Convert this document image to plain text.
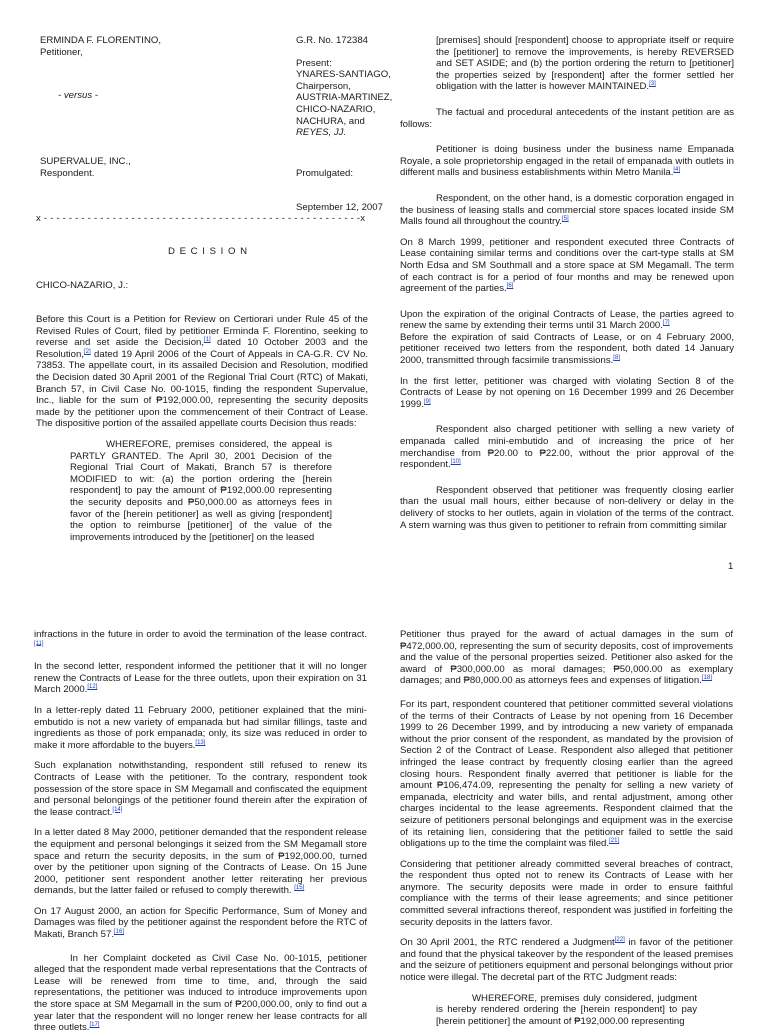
ERMINDA F. FLORENTINO,

Petitioner,

- versus -

SUPERVALUE, INC.,

Respondent.

G.R. No. 172384

Present:

YNARES-SANTIAGO,

Chairperson,

AUSTRIA-MARTINEZ,

CHICO-NAZARIO,

NACHURA, and

REYES, JJ.

Promulgated:
September 12, 2007
x - - - - - - - - - - - - - - - - - - - - - - - - - - - - - - - - - - - - - - - - - - - - - - - - - - -x
D E C I S I O N
CHICO-NAZARIO, J.:

Before this Court is a Petition for Review on Certiorari under Rule 45 of the Revised Rules of Court, filed by petitioner Erminda F. Florentino, seeking to reverse and set aside the Decision,[1] dated 10 October 2003 and the Resolution,[2] dated 19 April 2006 of the Court of Appeals in CA-G.R. CV No. 73853. The appellate court, in its assailed Decision and Resolution, modified the Decision dated 30 April 2001 of the Regional Trial Court (RTC) of Makati, Branch 57, in Civil Case No. 00-1015, finding the respondent Supervalue, Inc., liable for the sum of ₱192,000.00, representing the security deposits made by the petitioner upon the commencement of their Contract of Lease. The dispositive portion of the assailed appellate courts Decision thus reads:

WHEREFORE, premises considered, the appeal is PARTLY GRANTED. The April 30, 2001 Decision of the Regional Trial Court of Makati, Branch 57 is therefore MODIFIED to wit: (a) the portion ordering the [herein respondent] to pay the amount of ₱192,000.00 representing the security deposits and ₱50,000.00 as attorneys fees in favor of the [herein petitioner] as well as giving [respondent] the option to reimburse [petitioner] of the value of the improvements introduced by the [petitioner] on the leased

[premises] should [respondent] choose to appropriate itself or require the [petitioner] to remove the improvements, is hereby REVERSED and SET ASIDE; and (b) the portion ordering the return to [petitioner] the properties seized by [respondent] after the former settled her obligation with the latter is however MAINTAINED.[3]

The factual and procedural antecedents of the instant petition are as follows:

Petitioner is doing business under the business name Empanada Royale, a sole proprietorship engaged in the retail of empanada with outlets in different malls and business establishments within Metro Manila.[4]

Respondent, on the other hand, is a domestic corporation engaged in the business of leasing stalls and commercial store spaces located inside SM Malls found all throughout the country.[5]

On 8 March 1999, petitioner and respondent executed three Contracts of Lease containing similar terms and conditions over the cart-type stalls at SM North Edsa and SM Southmall and a store space at SM Megamall. The term of each contract is for a period of four months and may be renewed upon agreement of the parties.[6]

Upon the expiration of the original Contracts of Lease, the parties agreed to renew the same by extending their terms until 31 March 2000.[7]

Before the expiration of said Contracts of Lease, or on 4 February 2000, petitioner received two letters from the respondent, both dated 14 January 2000, transmitted through facsimile transmissions.[8]

In the first letter, petitioner was charged with violating Section 8 of the Contracts of Lease by not opening on 16 December 1999 and 26 December 1999.[9]

Respondent also charged petitioner with selling a new variety of empanada called mini-embutido and of increasing the price of her merchandise from ₱20.00 to ₱22.00, without the prior approval of the respondent.[10]

Respondent observed that petitioner was frequently closing earlier than the usual mall hours, either because of non-delivery or delay in the delivery of stocks to her outlets, again in violation of the terms of the contract. A stern warning was thus given to petitioner to refrain from committing similar

1

infractions in the future in order to avoid the termination of the lease contract.[11]

In the second letter, respondent informed the petitioner that it will no longer renew the Contracts of Lease for the three outlets, upon their expiration on 31 March 2000.[12]

In a letter-reply dated 11 February 2000, petitioner explained that the mini-embutido is not a new variety of empanada but had similar fillings, taste and ingredients as those of pork empanada; only, its size was reduced in order to make it more affordable to the buyers.[13]

Such explanation notwithstanding, respondent still refused to renew its Contracts of Lease with the petitioner. To the contrary, respondent took possession of the store space in SM Megamall and confiscated the equipment and personal belongings of the petitioner found therein after the expiration of the lease contract.[14]

In a letter dated 8 May 2000, petitioner demanded that the respondent release the equipment and personal belongings it seized from the SM Megamall store space and return the security deposits, in the sum of ₱192,000.00, turned over by the petitioner upon signing of the Contracts of Lease. On 15 June 2000, petitioner sent respondent another letter reiterating her previous demands, but the latter failed or refused to comply therewith. [15]

On 17 August 2000, an action for Specific Performance, Sum of Money and Damages was filed by the petitioner against the respondent before the RTC of Makati, Branch 57.[16]

In her Complaint docketed as Civil Case No. 00-1015, petitioner alleged that the respondent made verbal representations that the Contracts of Lease will be renewed from time to time, and, through the said representations, the petitioner was induced to introduce improvements upon the store space at SM Megamall in the sum of ₱200,000.00, only to find out a year later that the respondent will no longer renew her lease contracts for all three outlets.[17]

Petitioner thus prayed for the award of actual damages in the sum of ₱472,000.00, representing the sum of security deposits, cost of improvements and the value of the personal properties seized. Petitioner also asked for the award of ₱300,000.00 as moral damages; ₱50,000.00 as exemplary damages; and ₱80,000.00 as attorneys fees and expenses of litigation.[18]

For its part, respondent countered that petitioner committed several violations of the terms of their Contracts of Lease by not opening from 16 December 1999 to 26 December 1999, and by introducing a new variety of empanada without the prior consent of the respondent, as mandated by the provision of Section 2 of the Contract of Lease. Respondent also alleged that petitioner infringed the lease contract by frequently closing earlier than the agreed closing hours. Respondent finally averred that petitioner is liable for the amount ₱106,474.09, representing the penalty for selling a new variety of empanada, electricity and water bills, and rental adjustment, among other charges incidental to the lease agreements. Respondent claimed that the seizure of petitioners personal belongings and equipment was in the exercise of its retaining lien, considering that the petitioner failed to settle the said obligations up to the time the complaint was filed.[21]

Considering that petitioner already committed several breaches of contract, the respondent thus opted not to renew its Contracts of Lease with her anymore. The security deposits were made in order to ensure faithful compliance with the terms of their lease agreements; and since petitioner committed several infractions thereof, respondent was justified in forfeiting the security deposits in the latters favor.

On 30 April 2001, the RTC rendered a Judgment[22] in favor of the petitioner and found that the physical takeover by the respondent of the leased premises and the seizure of petitioners equipment and personal belongings without prior notice were illegal. The decretal part of the RTC Judgment reads:

WHEREFORE, premises duly considered, judgment is hereby rendered ordering the [herein respondent] to pay [herein petitioner] the amount of ₱192,000.00 representing
